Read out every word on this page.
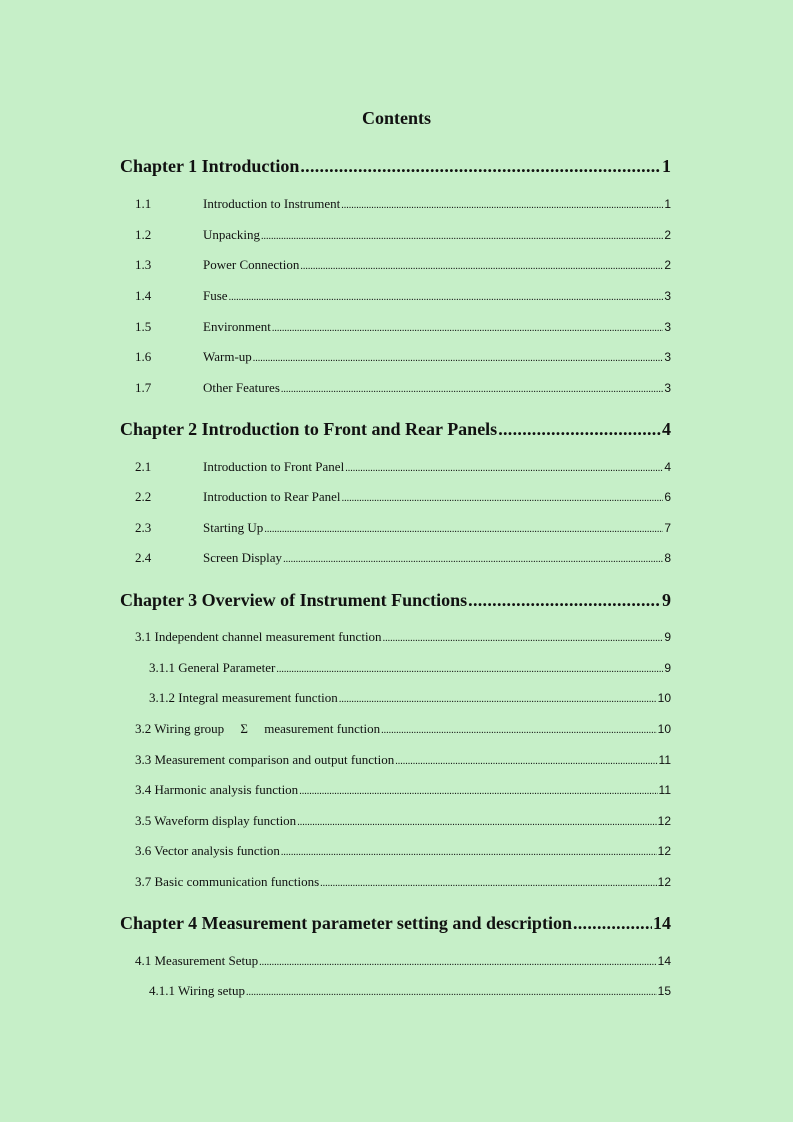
Contents
Chapter 1 Introduction .....	1
1.1	Introduction to Instrument .....	1
1.2	Unpacking .....	2
1.3	Power Connection .....	2
1.4	Fuse .....	3
1.5	Environment .....	3
1.6	Warm-up .....	3
1.7	Other Features .....	3
Chapter 2 Introduction to Front and Rear Panels .....	4
2.1	Introduction to Front Panel .....	4
2.2	Introduction to Rear Panel .....	6
2.3	Starting Up .....	7
2.4	Screen Display .....	8
Chapter 3 Overview of Instrument Functions .....	9
3.1 Independent channel measurement function .....	9
3.1.1 General Parameter .....	9
3.1.2 Integral measurement function .....	10
3.2 Wiring group  Σ  measurement function .....	10
3.3 Measurement comparison and output function .....	11
3.4 Harmonic analysis function .....	11
3.5 Waveform display function .....	12
3.6 Vector analysis function .....	12
3.7 Basic communication functions .....	12
Chapter 4 Measurement parameter setting and description .....	14
4.1 Measurement Setup .....	14
4.1.1 Wiring setup .....	15
